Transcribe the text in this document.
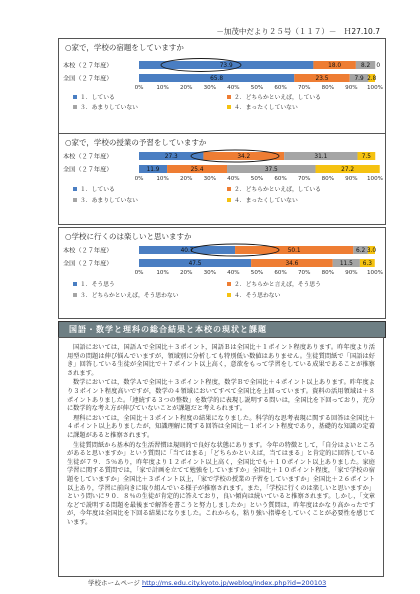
－加茂中だより２５号（１１７）－　Ｈ27.10.7
○家で，学校の宿題をしていますか
本校（２７年度）
全国（２７年度）
73.9	18.0	8.2 0
65.8	23.5	7.9 2.8
0% 10% 20% 30% 40% 50% 60% 70% 80% 90% 100%
１．している	２．どちらかといえば，している
３．あまりしていない	４．まったくしていない
○家で，学校の授業の予習をしていますか
本校（２７年度）
全国（２７年度）
27.3	34.2	31.1	7.5
11.9	25.4	37.5	27.2
0% 10% 20% 30% 40% 50% 60% 70% 80% 90% 100%
１．している	２．どちらかといえば，している
３．あまりしていない	４．まったくしていない
○学校に行くのは楽しいと思いますか
本校（２７年度）
全国（２７年度）
40.7	50.1	6.2 3.0
47.5	34.6	11.5 6.3
0% 10% 20% 30% 40% 50% 60% 70% 80% 90% 100%
１．そう思う	２．どちらかと言えば，そう思う
３．どちらかといえば，そう思わない	４．そう思わない
国語・数学と理科の総合結果と本校の現状と課題

国語においては，国語Ａで全国比＋３ポイント，国語Ｂは全国比＋１ポイント程度あります。昨年度より活用型の問題は伸び悩んでいますが，領域別に分析しても特別低い数値はありません。生徒質問紙で「国語は好き」回答している生徒が全国比で＋７ポイント以上高く，意欲をもって学習をしている成果であることが推察されます。

数学においては，数学Ａで全国比＋３ポイント程度，数学Ｂで全国比＋４ポイント以上あります。昨年度より３ポイント程度高いですが，数学の４領域においてすべて全国比を上回っています。資料の活用領域は＋８ポイントありました。「連続する３つの整数」を数学的に表現し説明する問いは，全国比を下回っており，充分に数学的な考え方が伸びていないことが課題だと考えられます。

理科においては，全国比＋３ポイント程度の結果になりました。科学的な思考表現に関する回答は全国比＋４ポイント以上ありましたが，知識理解に関する回答は全国比－１ポイント程度であり，基礎的な知識の定着に課題があると推察されます。

生徒質問紙から基本的な生活習慣は規則的で良好な状態にあります。今年の特徴として，「自分はよいところがあると思いますか」という質問に「当てはまる」「どちらかといえば，当てはまる」と肯定的に回答している生徒が７９．５％あり，昨年度より１２ポイント以上高く，全国比でも＋１０ポイント以上ありました。家庭学習に関する質問では，「家で計画を立てて勉強をしていますか」全国比＋１０ポイント程度，「家で学校の宿題をしていますか」全国比＋３ポイント以上，「家で学校の授業の予習をしていますか」全国比＋２６ポイント以上あり，学習に前向きに取り組んでいる様子が推察されます。また，「学校に行くのは楽しいと思いますか」という問いに９０．８％の生徒が肯定的に答えており，良い傾向は続いていると推察されます。しかし，「文章などで説明する問題を最後まで解答を書こうと努力しましたか」という質問は，昨年度はかなり高かったですが，今年度は全国比を下回る結果になりました。これからも，粘り強い指導をしていくことが必要性を感じています。

学校ホームページ http://ms.edu.city.kyoto.jp/weblog/index.php?id=200103
